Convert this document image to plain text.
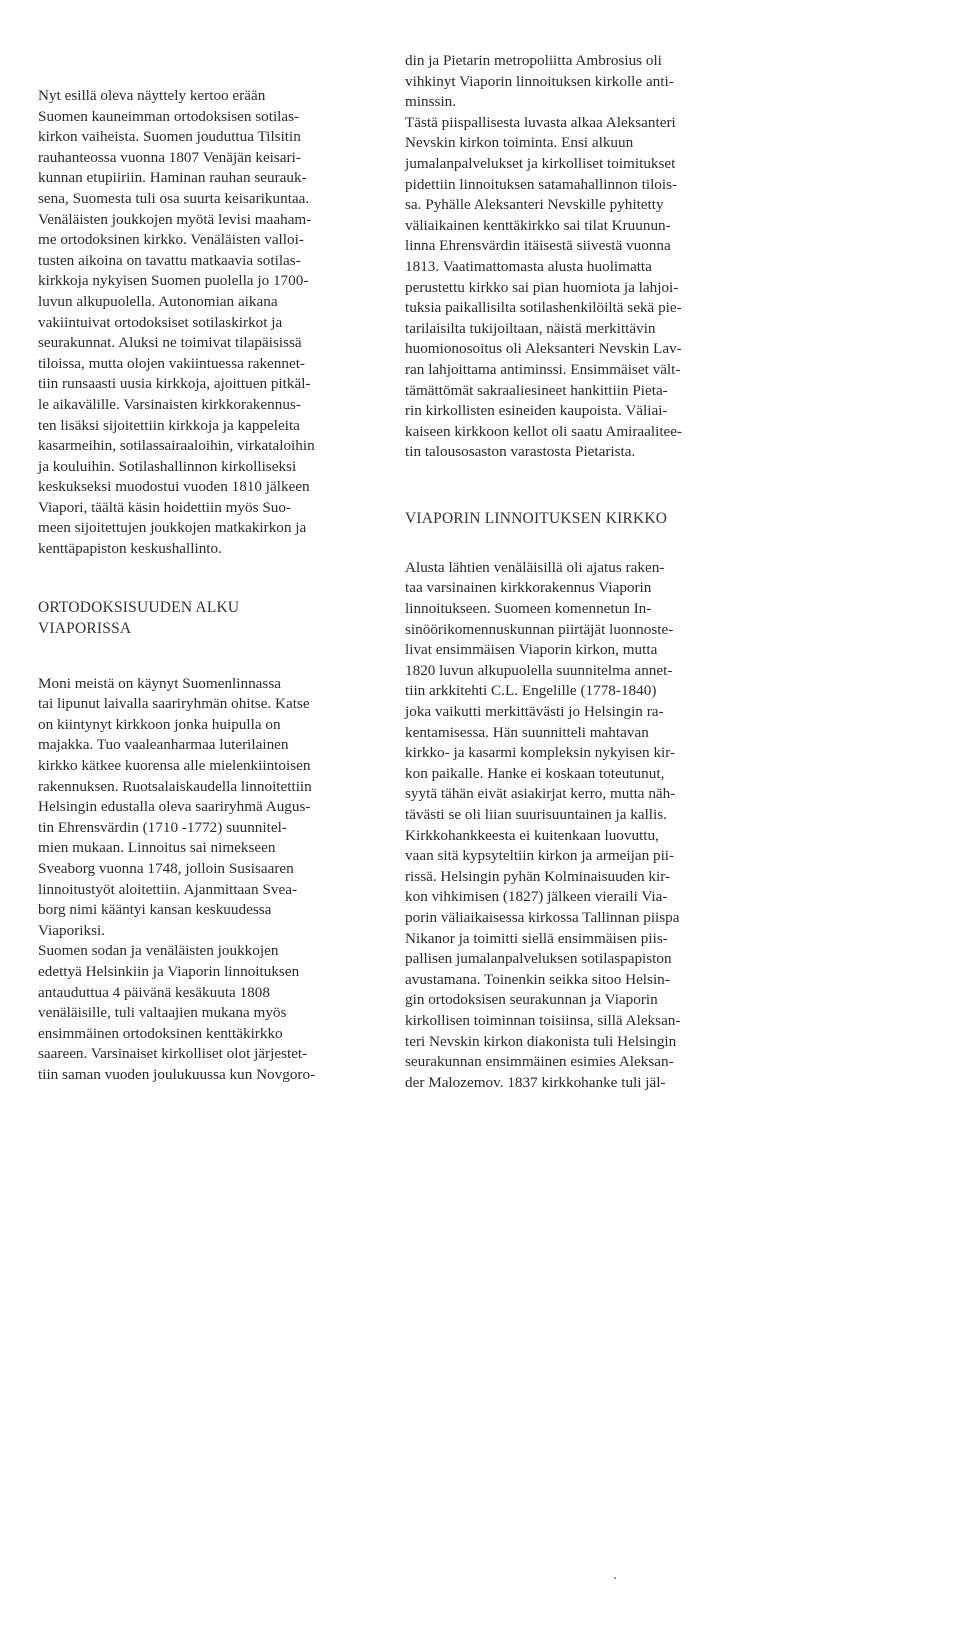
Nyt esillä oleva näyttely kertoo erään
Suomen kauneimman ortodoksisen sotilas-
kirkon vaiheista. Suomen jouduttua Tilsitin
rauhanteossa vuonna 1807 Venäjän keisari-
kunnan etupiiriin. Haminan rauhan seurauk-
sena, Suomesta tuli osa suurta keisarikuntaa.
Venäläisten joukkojen myötä levisi maaham-
me ortodoksinen kirkko. Venäläisten valloi-
tusten aikoina on tavattu matkaavia sotilas-
kirkkoja nykyisen Suomen puolella jo 1700-
luvun alkupuolella. Autonomian aikana
vakiintuivat ortodoksiset sotilaskirkot ja
seurakunnat. Aluksi ne toimivat tilapäisissä
tiloissa, mutta olojen vakiintuessa rakennet-
tiin runsaasti uusia kirkkoja, ajoittuen pitkäl-
le aikavälille. Varsinaisten kirkkorakennus-
ten lisäksi sijoitettiin kirkkoja ja kappeleita
kasarmeihin, sotilassairaaloihin, virkataloihin
ja kouluihin. Sotilashallinnon kirkolliseksi
keskukseksi muodostui vuoden 1810 jälkeen
Viapori, täältä käsin hoidettiin myös Suo-
meen sijoitettujen joukkojen matkakirkon ja
kenttäpapiston keskushallinto.
ORTODOKSISUUDEN ALKU
VIAPORISSA
Moni meistä on käynyt Suomenlinnassa
tai lipunut laivalla saariryhmän ohitse. Katse
on kiintynyt kirkkoon jonka huipulla on
majakka. Tuo vaaleanharmaa luterilainen
kirkko kätkee kuorensa alle mielenkiintoisen
rakennuksen. Ruotsalaiskaudella linnoitettiin
Helsingin edustalla oleva saariryhmä Augus-
tin Ehrensvärdin (1710 -1772) suunnitel-
mien mukaan. Linnoitus sai nimekseen
Sveaborg vuonna 1748, jolloin Susisaaren
linnoitustyöt aloitettiin. Ajanmittaan Svea-
borg nimi kääntyi kansan keskuudessa
Viaporiksi.
Suomen sodan ja venäläisten joukkojen
edettyä Helsinkiin ja Viaporin linnoituksen
antauduttua 4 päivänä kesäkuuta 1808
venäläisille, tuli valtaajien mukana myös
ensimmäinen ortodoksinen kenttäkirkko
saareen. Varsinaiset kirkolliset olot järjestet-
tiin saman vuoden joulukuussa kun Novgoro-
din ja Pietarin metropoliitta Ambrosius oli
vihkinyt Viaporin linnoituksen kirkolle anti-
minssin.
Tästä piispallisesta luvasta alkaa Aleksanteri
Nevskin kirkon toiminta. Ensi alkuun
jumalanpalvelukset ja kirkolliset toimitukset
pidettiin linnoituksen satamahallinnon tilois-
sa. Pyhälle Aleksanteri Nevskille pyhitetty
väliaikainen kenttäkirkko sai tilat Kruunun-
linna Ehrensvärdin itäisestä siivestä vuonna
1813. Vaatimattomasta alusta huolimatta
perustettu kirkko sai pian huomiota ja lahjoi-
tuksia paikallisilta sotilashenkilöiltä sekä pie-
tarilaisilta tukijoiltaan, näistä merkittävin
huomionosoitus oli Aleksanteri Nevskin Lav-
ran lahjoittama antiminssi. Ensimmäiset vält-
tämättömät sakraaliesineet hankittiin Pieta-
rin kirkollisten esineiden kaupoista. Väliai-
kaiseen kirkkoon kellot oli saatu Amiraalitee-
tin talousosaston varastosta Pietarista.
VIAPORIN LINNOITUKSEN KIRKKO
Alusta lähtien venäläisillä oli ajatus raken-
taa varsinainen kirkkorakennus Viaporin
linnoitukseen. Suomeen komennetun In-
sinöörikomennuskunnan piirtäjät luonnoste-
livat ensimmäisen Viaporin kirkon, mutta
1820 luvun alkupuolella suunnitelma annet-
tiin arkkitehti C.L. Engelille (1778-1840)
joka vaikutti merkittävästi jo Helsingin ra-
kentamisessa. Hän suunnitteli mahtavan
kirkko- ja kasarmi kompleksin nykyisen kir-
kon paikalle. Hanke ei koskaan toteutunut,
syytä tähän eivät asiakirjat kerro, mutta näh-
tävästi se oli liian suurisuuntainen ja kallis.
Kirkkohankkeesta ei kuitenkaan luovuttu,
vaan sitä kypsyteltiin kirkon ja armeijan pii-
rissä. Helsingin pyhän Kolminaisuuden kir-
kon vihkimisen (1827) jälkeen vieraili Via-
porin väliaikaisessa kirkossa Tallinnan piispa
Nikanor ja toimitti siellä ensimmäisen piis-
pallisen jumalanpalveluksen sotilaspapiston
avustamana. Toinenkin seikka sitoo Helsin-
gin ortodoksisen seurakunnan ja Viaporin
kirkollisen toiminnan toisiinsa, sillä Aleksan-
teri Nevskin kirkon diakonista tuli Helsingin
seurakunnan ensimmäinen esimies Aleksan-
der Malozemov. 1837 kirkkohanke tuli jäl-
